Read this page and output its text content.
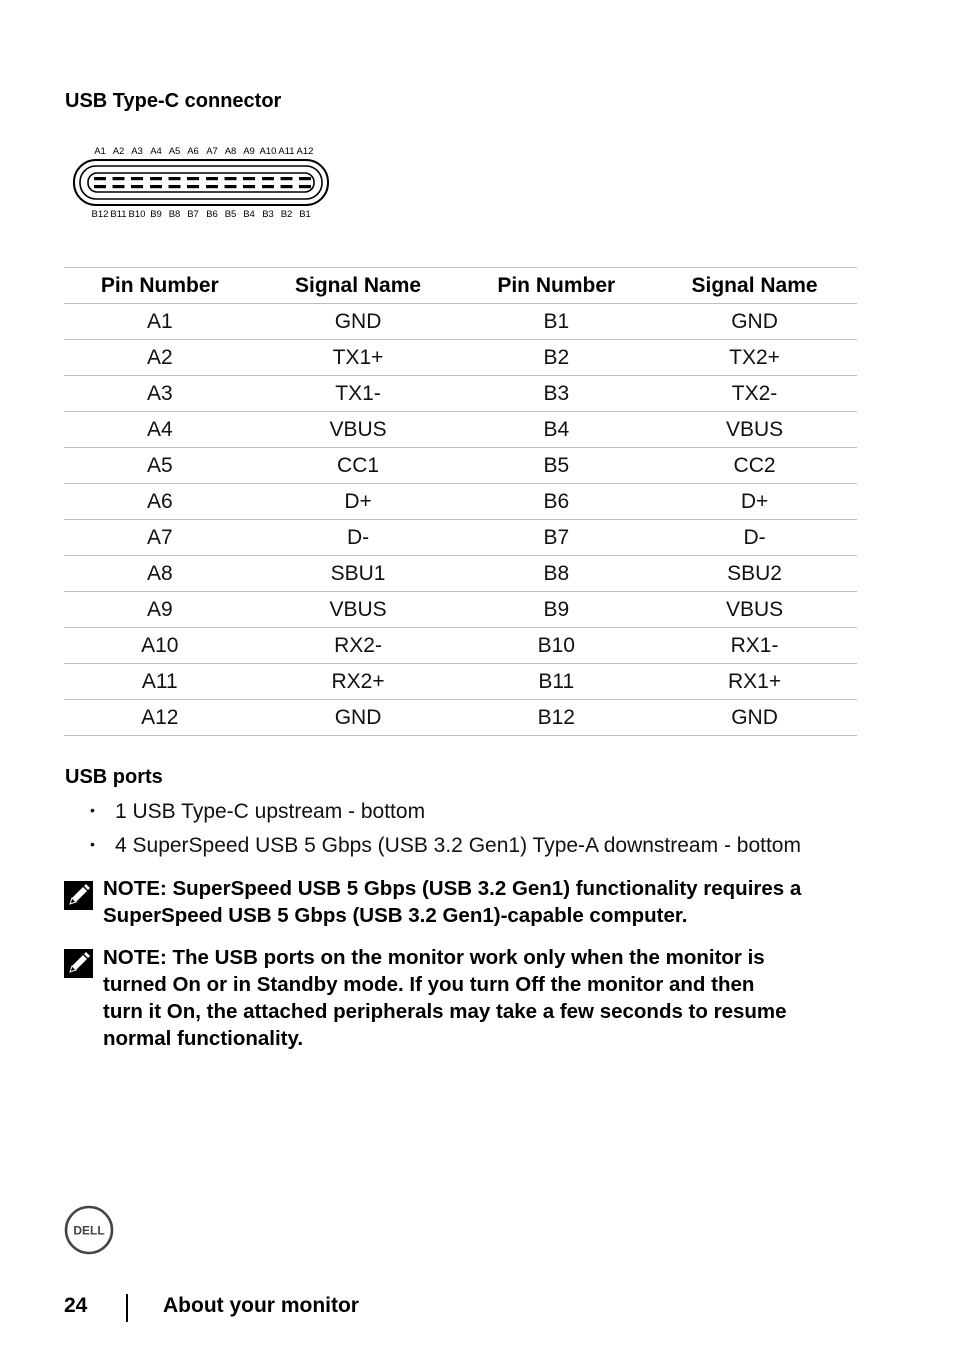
USB Type-C connector
A1 A2 A3 A4 A5 A6 A7 A8 A9 A10 A11 A12
B12 B11 B10 B9 B8 B7 B6 B5 B4 B3 B2 B1
Pin Number	Signal Name	Pin Number	Signal Name
A1	GND	B1	GND
A2	TX1+	B2	TX2+
A3	TX1-	B3	TX2-
A4	VBUS	B4	VBUS
A5	CC1	B5	CC2
A6	D+	B6	D+
A7	D-	B7	D-
A8	SBU1	B8	SBU2
A9	VBUS	B9	VBUS
A10	RX2-	B10	RX1-
A11	RX2+	B11	RX1+
A12	GND	B12	GND
USB ports
• 1 USB Type-C upstream - bottom
• 4 SuperSpeed USB 5 Gbps (USB 3.2 Gen1) Type-A downstream - bottom
NOTE: SuperSpeed USB 5 Gbps (USB 3.2 Gen1) functionality requires a
SuperSpeed USB 5 Gbps (USB 3.2 Gen1)-capable computer.
NOTE: The USB ports on the monitor work only when the monitor is
turned On or in Standby mode. If you turn Off the monitor and then
turn it On, the attached peripherals may take a few seconds to resume
normal functionality.
DELL
24	About your monitor
